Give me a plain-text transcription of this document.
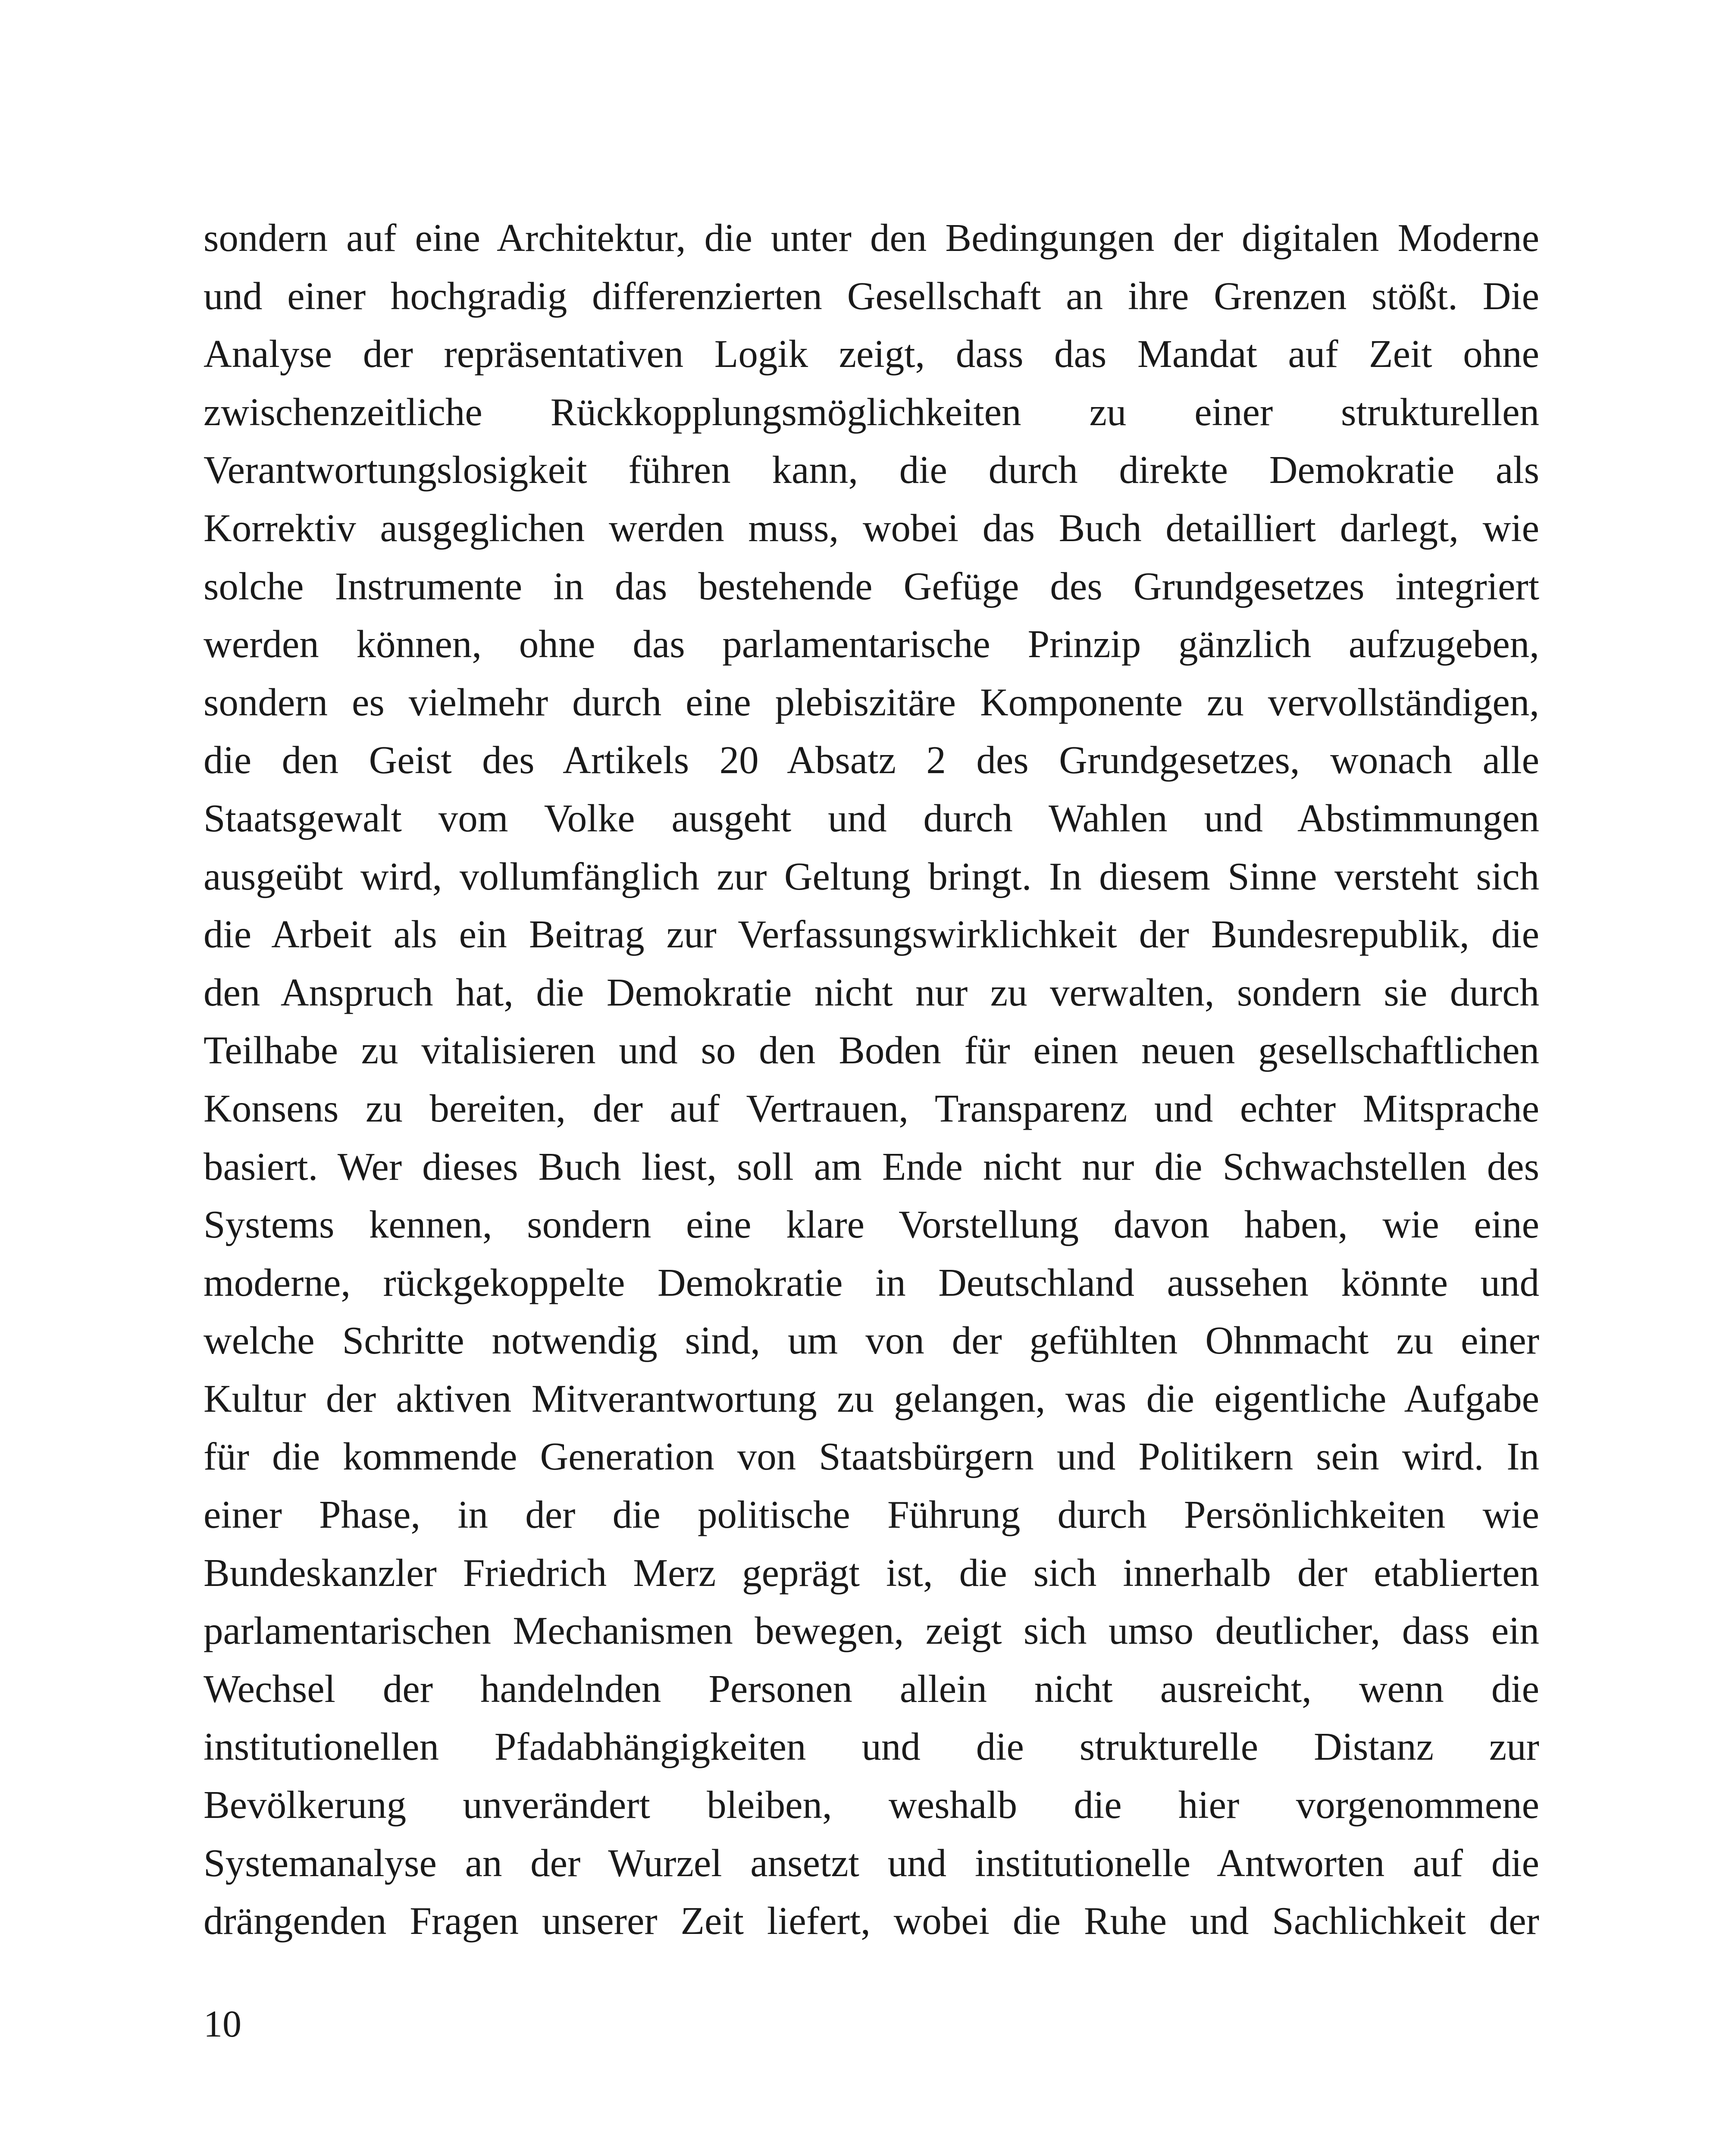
sondern auf eine Architektur, die unter den Bedingungen der digitalen Moderne
und einer hochgradig differenzierten Gesellschaft an ihre Grenzen stößt. Die
Analyse der repräsentativen Logik zeigt, dass das Mandat auf Zeit ohne
zwischenzeitliche Rückkopplungsmöglichkeiten zu einer strukturellen
Verantwortungslosigkeit führen kann, die durch direkte Demokratie als
Korrektiv ausgeglichen werden muss, wobei das Buch detailliert darlegt, wie
solche Instrumente in das bestehende Gefüge des Grundgesetzes integriert
werden können, ohne das parlamentarische Prinzip gänzlich aufzugeben,
sondern es vielmehr durch eine plebiszitäre Komponente zu vervollständigen,
die den Geist des Artikels 20 Absatz 2 des Grundgesetzes, wonach alle
Staatsgewalt vom Volke ausgeht und durch Wahlen und Abstimmungen
ausgeübt wird, vollumfänglich zur Geltung bringt. In diesem Sinne versteht sich
die Arbeit als ein Beitrag zur Verfassungswirklichkeit der Bundesrepublik, die
den Anspruch hat, die Demokratie nicht nur zu verwalten, sondern sie durch
Teilhabe zu vitalisieren und so den Boden für einen neuen gesellschaftlichen
Konsens zu bereiten, der auf Vertrauen, Transparenz und echter Mitsprache
basiert. Wer dieses Buch liest, soll am Ende nicht nur die Schwachstellen des
Systems kennen, sondern eine klare Vorstellung davon haben, wie eine
moderne, rückgekoppelte Demokratie in Deutschland aussehen könnte und
welche Schritte notwendig sind, um von der gefühlten Ohnmacht zu einer
Kultur der aktiven Mitverantwortung zu gelangen, was die eigentliche Aufgabe
für die kommende Generation von Staatsbürgern und Politikern sein wird. In
einer Phase, in der die politische Führung durch Persönlichkeiten wie
Bundeskanzler Friedrich Merz geprägt ist, die sich innerhalb der etablierten
parlamentarischen Mechanismen bewegen, zeigt sich umso deutlicher, dass ein
Wechsel der handelnden Personen allein nicht ausreicht, wenn die
institutionellen Pfadabhängigkeiten und die strukturelle Distanz zur
Bevölkerung unverändert bleiben, weshalb die hier vorgenommene
Systemanalyse an der Wurzel ansetzt und institutionelle Antworten auf die
drängenden Fragen unserer Zeit liefert, wobei die Ruhe und Sachlichkeit der
10
